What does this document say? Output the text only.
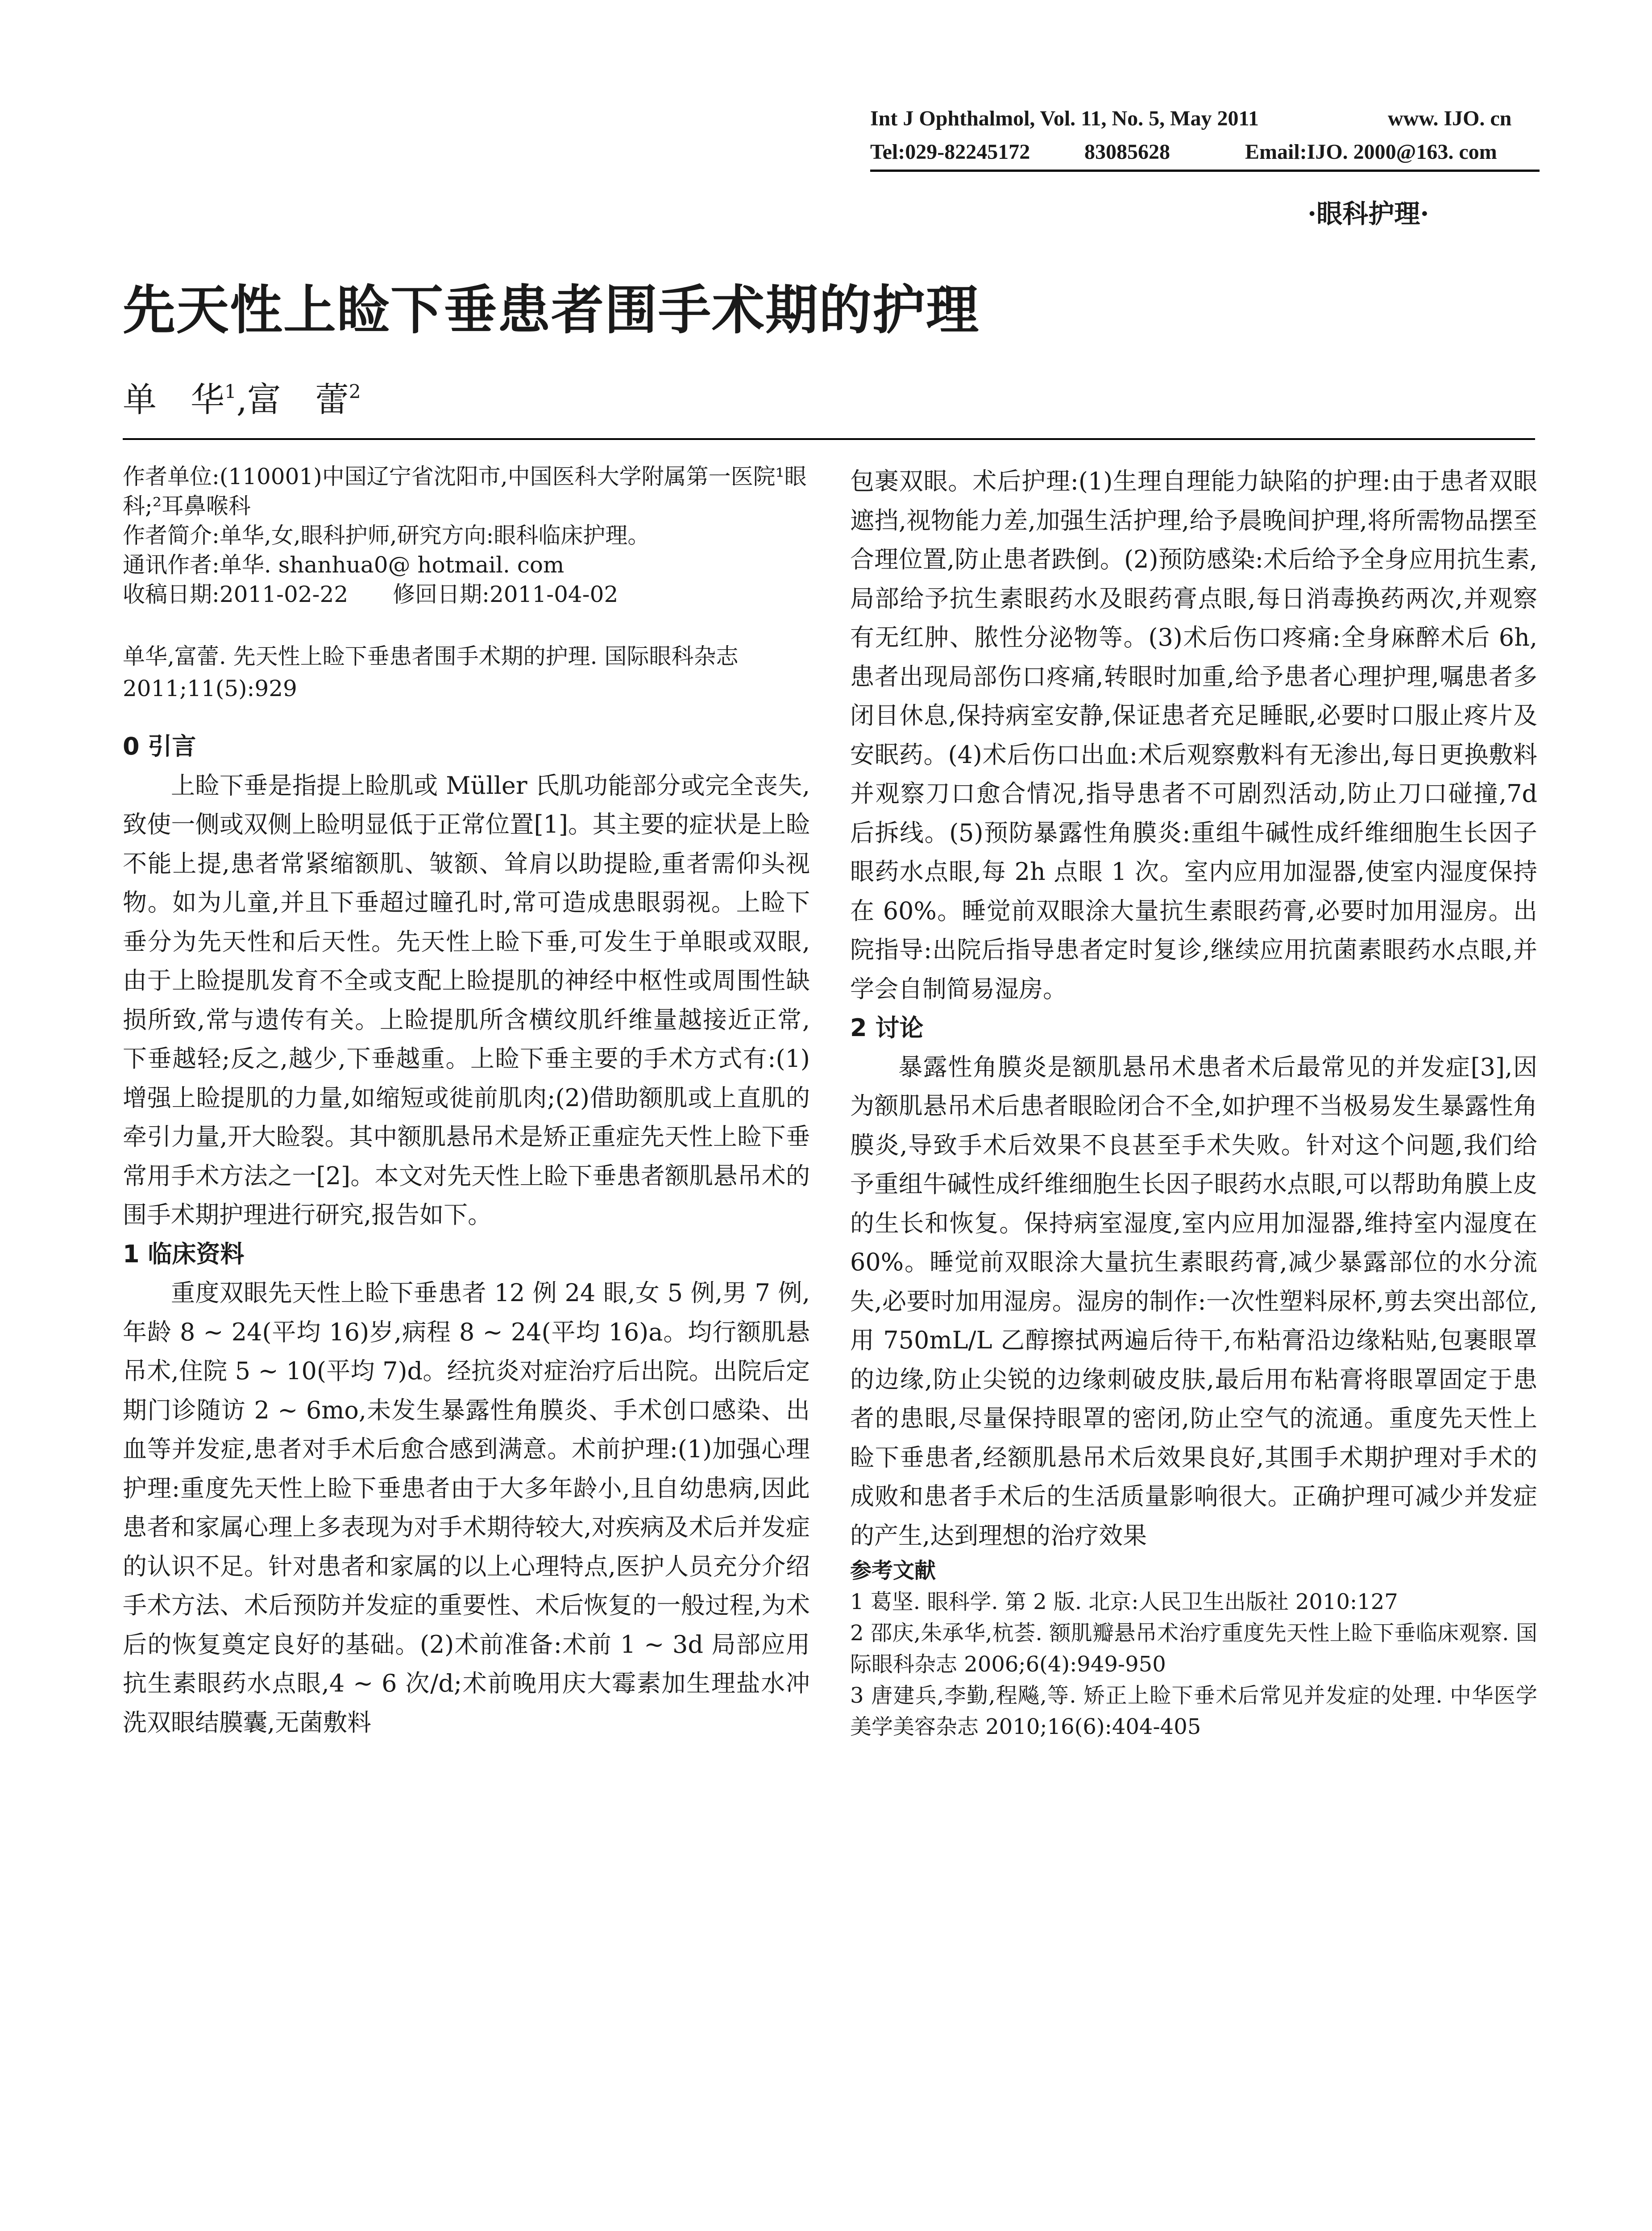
Int J Ophthalmol, Vol. 11, No. 5, May 2011	www. IJO. cn
Tel:029-82245172	83085628	Email:IJO. 2000@163. com
·眼科护理·
先天性上睑下垂患者围手术期的护理
单　华$^1$,富　蕾$^2$
作者单位:(110001)中国辽宁省沈阳市,中国医科大学附属第一医院¹眼科;²耳鼻喉科
作者简介:单华,女,眼科护师,研究方向:眼科临床护理。
通讯作者:单华. shanhua0@ hotmail. com
收稿日期:2011-02-22　　修回日期:2011-04-02
单华,富蕾. 先天性上睑下垂患者围手术期的护理. 国际眼科杂志 2011;11(5):929
0 引言

上睑下垂是指提上睑肌或 Müller 氏肌功能部分或完全丧失,致使一侧或双侧上睑明显低于正常位置[1]。其主要的症状是上睑不能上提,患者常紧缩额肌、皱额、耸肩以助提睑,重者需仰头视物。如为儿童,并且下垂超过瞳孔时,常可造成患眼弱视。上睑下垂分为先天性和后天性。先天性上睑下垂,可发生于单眼或双眼,由于上睑提肌发育不全或支配上睑提肌的神经中枢性或周围性缺损所致,常与遗传有关。上睑提肌所含横纹肌纤维量越接近正常,下垂越轻;反之,越少,下垂越重。上睑下垂主要的手术方式有:(1)增强上睑提肌的力量,如缩短或徙前肌肉;(2)借助额肌或上直肌的牵引力量,开大睑裂。其中额肌悬吊术是矫正重症先天性上睑下垂常用手术方法之一[2]。本文对先天性上睑下垂患者额肌悬吊术的围手术期护理进行研究,报告如下。

1 临床资料

重度双眼先天性上睑下垂患者 12 例 24 眼,女 5 例,男 7 例,年龄 8 ~ 24(平均 16)岁,病程 8 ~ 24(平均 16)a。均行额肌悬吊术,住院 5 ~ 10(平均 7)d。经抗炎对症治疗后出院。出院后定期门诊随访 2 ~ 6mo,未发生暴露性角膜炎、手术创口感染、出血等并发症,患者对手术后愈合感到满意。术前护理:(1)加强心理护理:重度先天性上睑下垂患者由于大多年龄小,且自幼患病,因此患者和家属心理上多表现为对手术期待较大,对疾病及术后并发症的认识不足。针对患者和家属的以上心理特点,医护人员充分介绍手术方法、术后预防并发症的重要性、术后恢复的一般过程,为术后的恢复奠定良好的基础。(2)术前准备:术前 1 ~ 3d 局部应用抗生素眼药水点眼,4 ~ 6 次/d;术前晚用庆大霉素加生理盐水冲洗双眼结膜囊,无菌敷料

包裹双眼。术后护理:(1)生理自理能力缺陷的护理:由于患者双眼遮挡,视物能力差,加强生活护理,给予晨晚间护理,将所需物品摆至合理位置,防止患者跌倒。(2)预防感染:术后给予全身应用抗生素,局部给予抗生素眼药水及眼药膏点眼,每日消毒换药两次,并观察有无红肿、脓性分泌物等。(3)术后伤口疼痛:全身麻醉术后 6h,患者出现局部伤口疼痛,转眼时加重,给予患者心理护理,嘱患者多闭目休息,保持病室安静,保证患者充足睡眠,必要时口服止疼片及安眠药。(4)术后伤口出血:术后观察敷料有无渗出,每日更换敷料并观察刀口愈合情况,指导患者不可剧烈活动,防止刀口碰撞,7d 后拆线。(5)预防暴露性角膜炎:重组牛碱性成纤维细胞生长因子眼药水点眼,每 2h 点眼 1 次。室内应用加湿器,使室内湿度保持在 60%。睡觉前双眼涂大量抗生素眼药膏,必要时加用湿房。出院指导:出院后指导患者定时复诊,继续应用抗菌素眼药水点眼,并学会自制简易湿房。

2 讨论

暴露性角膜炎是额肌悬吊术患者术后最常见的并发症[3],因为额肌悬吊术后患者眼睑闭合不全,如护理不当极易发生暴露性角膜炎,导致手术后效果不良甚至手术失败。针对这个问题,我们给予重组牛碱性成纤维细胞生长因子眼药水点眼,可以帮助角膜上皮的生长和恢复。保持病室湿度,室内应用加湿器,维持室内湿度在 60%。睡觉前双眼涂大量抗生素眼药膏,减少暴露部位的水分流失,必要时加用湿房。湿房的制作:一次性塑料尿杯,剪去突出部位,用 750mL/L 乙醇擦拭两遍后待干,布粘膏沿边缘粘贴,包裹眼罩的边缘,防止尖锐的边缘刺破皮肤,最后用布粘膏将眼罩固定于患者的患眼,尽量保持眼罩的密闭,防止空气的流通。重度先天性上睑下垂患者,经额肌悬吊术后效果良好,其围手术期护理对手术的成败和患者手术后的生活质量影响很大。正确护理可减少并发症的产生,达到理想的治疗效果

参考文献
1 葛坚. 眼科学. 第 2 版. 北京:人民卫生出版社 2010:127
2 邵庆,朱承华,杭荟. 额肌瓣悬吊术治疗重度先天性上睑下垂临床观察. 国际眼科杂志 2006;6(4):949-950
3 唐建兵,李勤,程飚,等. 矫正上睑下垂术后常见并发症的处理. 中华医学美学美容杂志 2010;16(6):404-405
